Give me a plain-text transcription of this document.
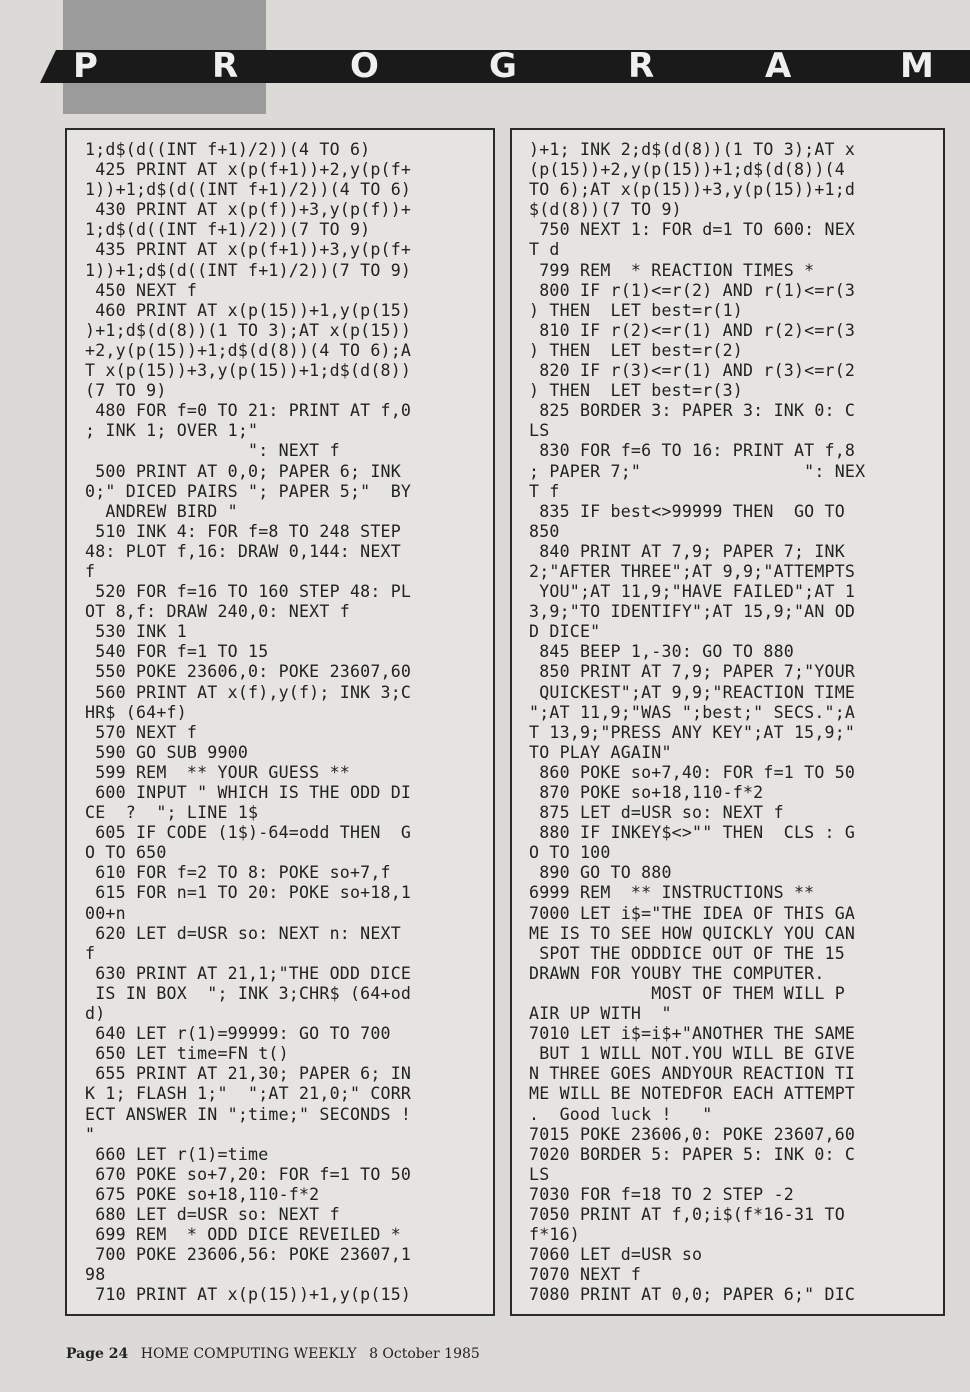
P	R	O	G	R	A	M
1;d$(d((INT f+1)/2))(4 TO 6)
425 PRINT AT x(p(f+1))+2,y(p(f+
1))+1;d$(d((INT f+1)/2))(4 TO 6)
430 PRINT AT x(p(f))+3,y(p(f))+
1;d$(d((INT f+1)/2))(7 TO 9)
435 PRINT AT x(p(f+1))+3,y(p(f+
1))+1;d$(d((INT f+1)/2))(7 TO 9)
450 NEXT f
460 PRINT AT x(p(15))+1,y(p(15)
)+1;d$(d(8))(1 TO 3);AT x(p(15))
+2,y(p(15))+1;d$(d(8))(4 TO 6);A
T x(p(15))+3,y(p(15))+1;d$(d(8))
(7 TO 9)
480 FOR f=0 TO 21: PRINT AT f,0
; INK 1; OVER 1;"
": NEXT f
500 PRINT AT 0,0; PAPER 6; INK
0;" DICED PAIRS "; PAPER 5;"  BY
ANDREW BIRD "
510 INK 4: FOR f=8 TO 248 STEP
48: PLOT f,16: DRAW 0,144: NEXT
f
520 FOR f=16 TO 160 STEP 48: PL
OT 8,f: DRAW 240,0: NEXT f
530 INK 1
540 FOR f=1 TO 15
550 POKE 23606,0: POKE 23607,60
560 PRINT AT x(f),y(f); INK 3;C
HR$ (64+f)
570 NEXT f
590 GO SUB 9900
599 REM  ** YOUR GUESS **
600 INPUT " WHICH IS THE ODD DI
CE  ?  "; LINE 1$
605 IF CODE (1$)-64=odd THEN  G
O TO 650
610 FOR f=2 TO 8: POKE so+7,f
615 FOR n=1 TO 20: POKE so+18,1
00+n
620 LET d=USR so: NEXT n: NEXT
f
630 PRINT AT 21,1;"THE ODD DICE
IS IN BOX  "; INK 3;CHR$ (64+od
d)
640 LET r(1)=99999: GO TO 700
650 LET time=FN t()
655 PRINT AT 21,30; PAPER 6; IN
K 1; FLASH 1;"  ";AT 21,0;" CORR
ECT ANSWER IN ";time;" SECONDS !
"
660 LET r(1)=time
670 POKE so+7,20: FOR f=1 TO 50
675 POKE so+18,110-f*2
680 LET d=USR so: NEXT f
699 REM  * ODD DICE REVEILED *
700 POKE 23606,56: POKE 23607,1
98
710 PRINT AT x(p(15))+1,y(p(15)
)+1; INK 2;d$(d(8))(1 TO 3);AT x
(p(15))+2,y(p(15))+1;d$(d(8))(4
TO 6);AT x(p(15))+3,y(p(15))+1;d
$(d(8))(7 TO 9)
750 NEXT 1: FOR d=1 TO 600: NEX
T d
799 REM  * REACTION TIMES *
800 IF r(1)<=r(2) AND r(1)<=r(3
) THEN  LET best=r(1)
810 IF r(2)<=r(1) AND r(2)<=r(3
) THEN  LET best=r(2)
820 IF r(3)<=r(1) AND r(3)<=r(2
) THEN  LET best=r(3)
825 BORDER 3: PAPER 3: INK 0: C
LS
830 FOR f=6 TO 16: PRINT AT f,8
; PAPER 7;"                ": NEX
T f
835 IF best<>99999 THEN  GO TO
850
840 PRINT AT 7,9; PAPER 7; INK
2;"AFTER THREE";AT 9,9;"ATTEMPTS
YOU";AT 11,9;"HAVE FAILED";AT 1
3,9;"TO IDENTIFY";AT 15,9;"AN OD
D DICE"
845 BEEP 1,-30: GO TO 880
850 PRINT AT 7,9; PAPER 7;"YOUR
QUICKEST";AT 9,9;"REACTION TIME
";AT 11,9;"WAS ";best;" SECS.";A
T 13,9;"PRESS ANY KEY";AT 15,9;"
TO PLAY AGAIN"
860 POKE so+7,40: FOR f=1 TO 50
870 POKE so+18,110-f*2
875 LET d=USR so: NEXT f
880 IF INKEY$<>"" THEN  CLS : G
O TO 100
890 GO TO 880
6999 REM  ** INSTRUCTIONS **
7000 LET i$="THE IDEA OF THIS GA
ME IS TO SEE HOW QUICKLY YOU CAN
SPOT THE ODDDICE OUT OF THE 15
DRAWN FOR YOUBY THE COMPUTER.
MOST OF THEM WILL P
AIR UP WITH  "
7010 LET i$=i$+"ANOTHER THE SAME
BUT 1 WILL NOT.YOU WILL BE GIVE
N THREE GOES ANDYOUR REACTION TI
ME WILL BE NOTEDFOR EACH ATTEMPT
.  Good luck !   "
7015 POKE 23606,0: POKE 23607,60
7020 BORDER 5: PAPER 5: INK 0: C
LS
7030 FOR f=18 TO 2 STEP -2
7050 PRINT AT f,0;i$(f*16-31 TO
f*16)
7060 LET d=USR so
7070 NEXT f
7080 PRINT AT 0,0; PAPER 6;" DIC
Page 24 HOME COMPUTING WEEKLY 8 October 1985
